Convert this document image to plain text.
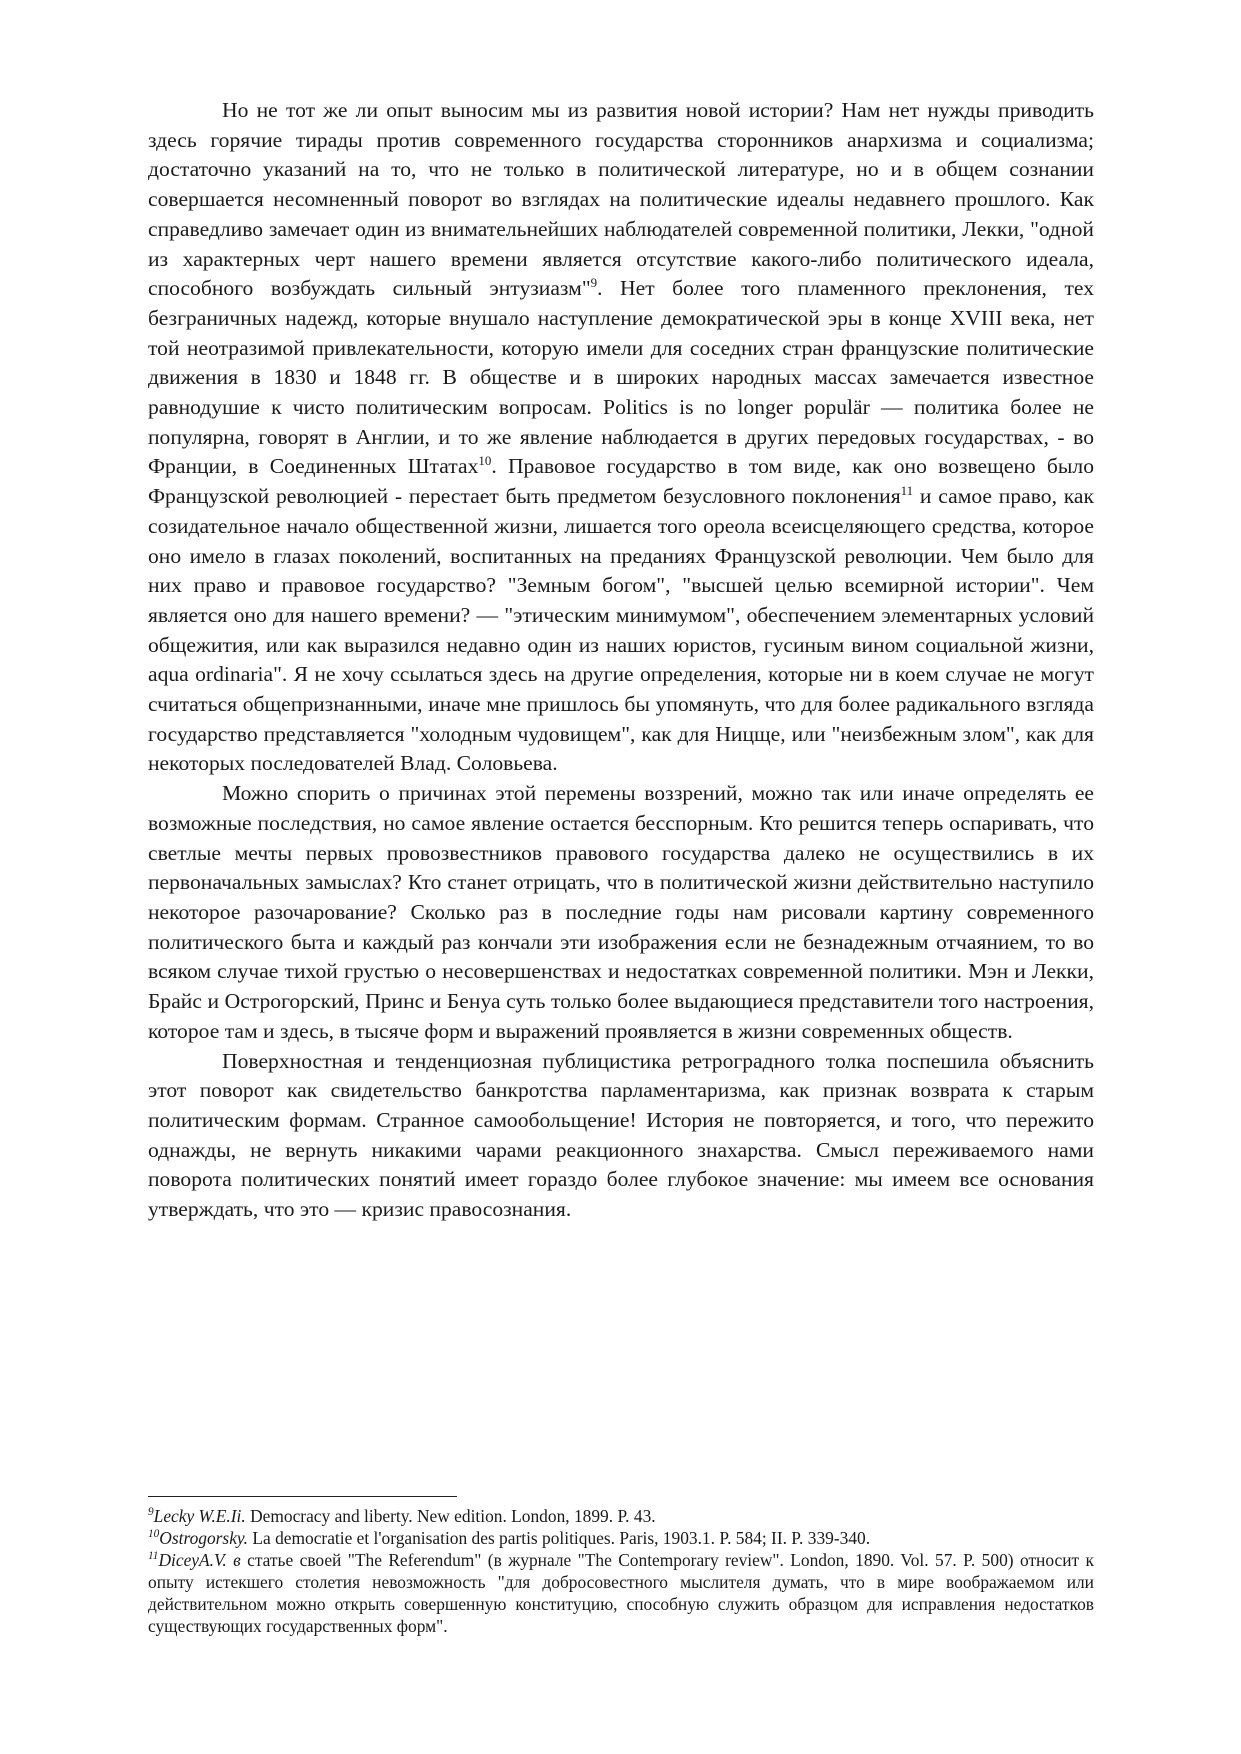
Но не тот же ли опыт выносим мы из развития новой истории? Нам нет нужды приводить здесь горячие тирады против современного государства сторонников анархизма и социализма; достаточно указаний на то, что не только в политической литературе, но и в общем сознании совершается несомненный поворот во взглядах на политические идеалы недавнего прошлого. Как справедливо замечает один из внимательнейших наблюдателей современной политики, Лекки, "одной из характерных черт нашего времени является отсутствие какого-либо политического идеала, способного возбуждать сильный энтузиазм"$^9$. Нет более того пламенного преклонения, тех безграничных надежд, которые внушало наступление демократической эры в конце XVIII века, нет той неотразимой привлекательности, которую имели для соседних стран французские политические движения в 1830 и 1848 гг. В обществе и в широких народных массах замечается известное равнодушие к чисто политическим вопросам. Politics is no longer populär — политика более не популярна, говорят в Англии, и то же явление наблюдается в других передовых государствах, - во Франции, в Соединенных Штатах$^{10}$. Правовое государство в том виде, как оно возвещено было Французской революцией - перестает быть предметом безусловного поклонения$^{11}$ и самое право, как созидательное начало общественной жизни, лишается того ореола всеисцеляющего средства, которое оно имело в глазах поколений, воспитанных на преданиях Французской революции. Чем было для них право и правовое государство? "Земным богом", "высшей целью всемирной истории". Чем является оно для нашего времени? — "этическим минимумом", обеспечением элементарных условий общежития, или как выразился недавно один из наших юристов, гусиным вином социальной жизни, aqua ordinaria". Я не хочу ссылаться здесь на другие определения, которые ни в коем случае не могут считаться общепризнанными, иначе мне пришлось бы упомянуть, что для более радикального взгляда государство представляется "холодным чудовищем", как для Ницще, или "неизбежным злом", как для некоторых последователей Влад. Соловьева.

Можно спорить о причинах этой перемены воззрений, можно так или иначе определять ее возможные последствия, но самое явление остается бесспорным. Кто решится теперь оспаривать, что светлые мечты первых провозвестников правового государства далеко не осуществились в их первоначальных замыслах? Кто станет отрицать, что в политической жизни действительно наступило некоторое разочарование? Сколько раз в последние годы нам рисовали картину современного политического быта и каждый раз кончали эти изображения если не безнадежным отчаянием, то во всяком случае тихой грустью о несовершенствах и недостатках современной политики. Мэн и Лекки, Брайс и Острогорский, Принс и Бенуа суть только более выдающиеся представители того настроения, которое там и здесь, в тысяче форм и выражений проявляется в жизни современных обществ.

Поверхностная и тенденциозная публицистика ретроградного толка поспешила объяснить этот поворот как свидетельство банкротства парламентаризма, как признак возврата к старым политическим формам. Странное самообольщение! История не повторяется, и того, что пережито однажды, не вернуть никакими чарами реакционного знахарства. Смысл переживаемого нами поворота политических понятий имеет гораздо более глубокое значение: мы имеем все основания утверждать, что это — кризис правосознания.

$^9$Lecky W.E.Ii. Democracy and liberty. New edition. London, 1899. P. 43.

$^{10}$Ostrogorsky. La democratie et l'organisation des partis politiques. Paris, 1903.1. P. 584; II. P. 339-340.

$^{11}$DiceyA.V. в статье своей "The Referendum" (в журнале "The Contemporary review". London, 1890. Vol. 57. P. 500) относит к опыту истекшего столетия невозможность "для добросовестного мыслителя думать, что в мире воображаемом или действительном можно открыть совершенную конституцию, способную служить образцом для исправления недостатков существующих государственных форм".
